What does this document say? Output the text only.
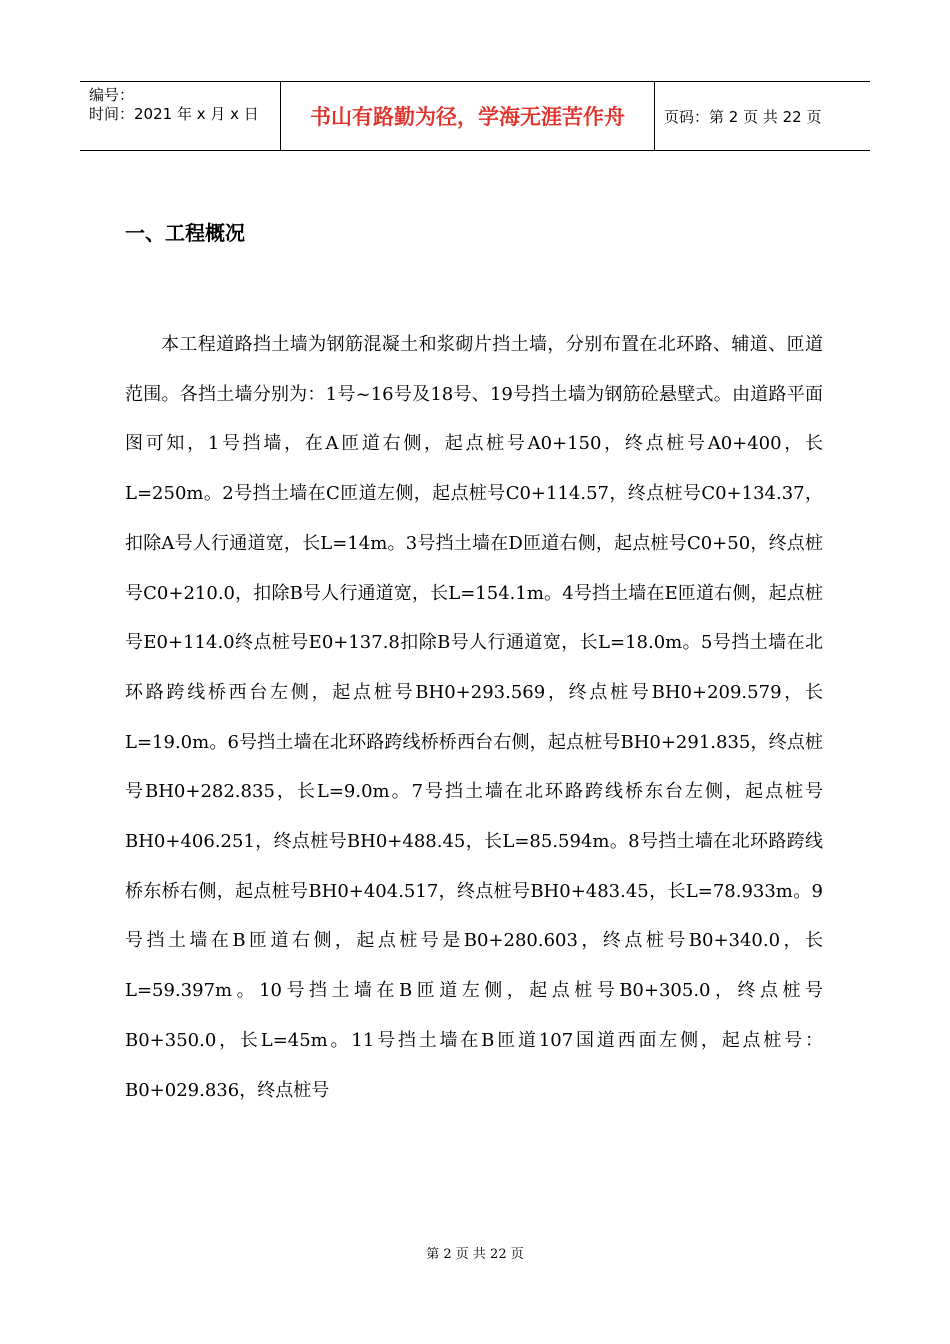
编号：
时间：2021 年 x 月 x 日	书山有路勤为径，学海无涯苦作舟	页码：第 2 页 共 22 页
一、工程概况

本工程道路挡土墙为钢筋混凝土和浆砌片挡土墙，分别布置在北环路、辅道、匝道范围。各挡土墙分别为：1号~16号及18号、19号挡土墙为钢筋砼悬壁式。由道路平面图可知，1号挡墙，在A匝道右侧，起点桩号A0+150，终点桩号A0+400，长L=250m。2号挡土墙在C匝道左侧，起点桩号C0+114.57，终点桩号C0+134.37，扣除A号人行通道宽，长L=14m。3号挡土墙在D匝道右侧，起点桩号C0+50，终点桩号C0+210.0，扣除B号人行通道宽，长L=154.1m。4号挡土墙在E匝道右侧，起点桩号E0+114.0终点桩号E0+137.8扣除B号人行通道宽，长L=18.0m。5号挡土墙在北环路跨线桥西台左侧，起点桩号BH0+293.569，终点桩号BH0+209.579，长L=19.0m。6号挡土墙在北环路跨线桥桥西台右侧，起点桩号BH0+291.835，终点桩号BH0+282.835，长L=9.0m。7号挡土墙在北环路跨线桥东台左侧，起点桩号BH0+406.251，终点桩号BH0+488.45，长L=85.594m。8号挡土墙在北环路跨线桥东桥右侧，起点桩号BH0+404.517，终点桩号BH0+483.45，长L=78.933m。9号挡土墙在B匝道右侧，起点桩号是B0+280.603，终点桩号B0+340.0，长L=59.397m。10号挡土墙在B匝道左侧，起点桩号B0+305.0，终点桩号B0+350.0，长L=45m。11号挡土墙在B匝道107国道西面左侧，起点桩号：B0+029.836，终点桩号

第 2 页 共 22 页
